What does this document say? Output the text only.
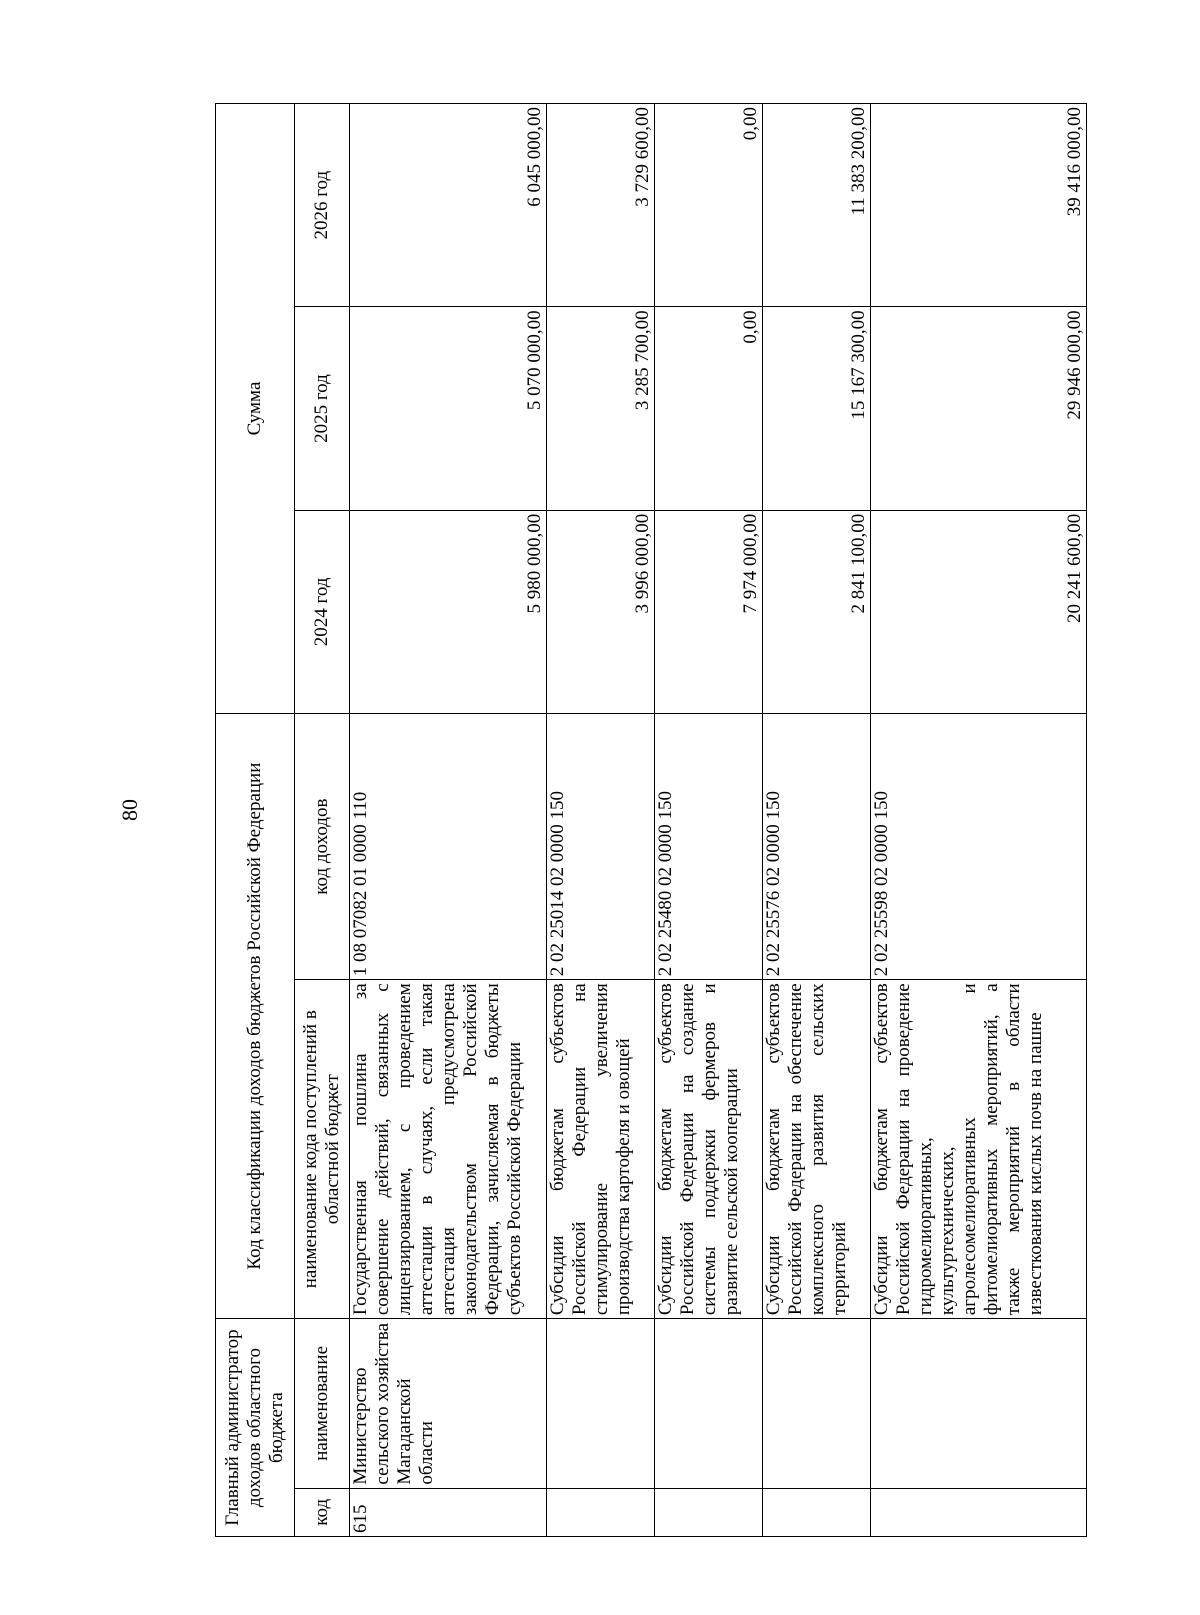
80
Главный администратор доходов областного бюджета		Код классификации доходов бюджетов Российской Федерации		Сумма		
код	наименование	наименование кода поступлений в областной бюджет	код доходов	2024 год	2025 год	2026 год
615	Министерство сельского хозяйства Магаданской области	Государственная пошлина за совершение действий, связанных с лицензированием, с проведением аттестации в случаях, если такая аттестация предусмотрена законодательством Российской Федерации, зачисляемая в бюджеты субъектов Российской Федерации	1 08 07082 01 0000 110	5 980 000,00	5 070 000,00	6 045 000,00
		Субсидии бюджетам субъектов Российской Федерации на стимулирование увеличения производства картофеля и овощей	2 02 25014 02 0000 150	3 996 000,00	3 285 700,00	3 729 600,00
		Субсидии бюджетам субъектов Российской Федерации на создание системы поддержки фермеров и развитие сельской кооперации	2 02 25480 02 0000 150	7 974 000,00	0,00	0,00
		Субсидии бюджетам субъектов Российской Федерации на обеспечение комплексного развития сельских территорий	2 02 25576 02 0000 150	2 841 100,00	15 167 300,00	11 383 200,00
		Субсидии бюджетам субъектов Российской Федерации на проведение гидромелиоративных, культуртехнических, агролесомелиоративных и фитомелиоративных мероприятий, а также мероприятий в области известкования кислых почв на пашне	2 02 25598 02 0000 150	20 241 600,00	29 946 000,00	39 416 000,00
